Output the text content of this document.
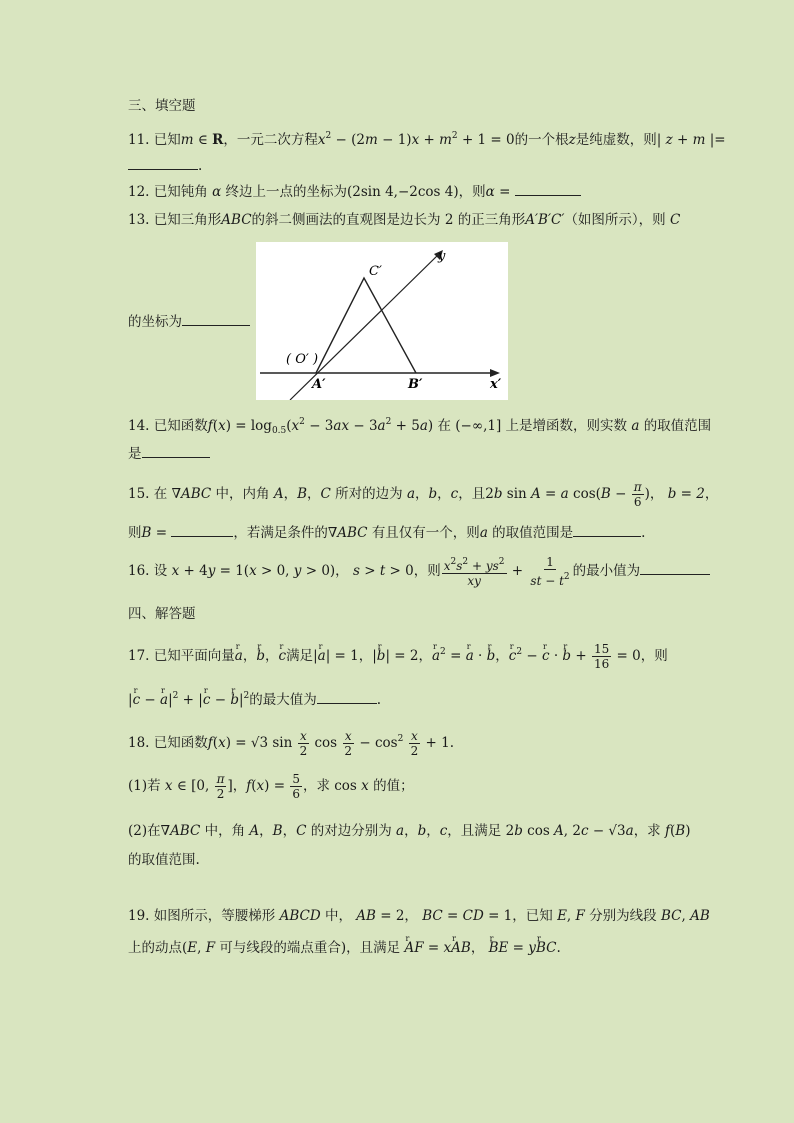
三、填空题
11. 已知m ∈ R，一元二次方程$x^2 - (2m - 1)x + m^2 + 1 = 0$的一个根z是纯虚数，则| z + m |=
.
12. 已知钝角 α 终边上一点的坐标为(2sin 4,−2cos 4)，则α =
13. 已知三角形ABC的斜二侧画法的直观图是边长为 2 的正三角形A′B′C′（如图所示），则 C
C′
( O′ )
A′	B′	x′
y
的坐标为
14. 已知函数$f(x) = \log_{0.5}(x^2 - 3ax - 3a^2 + 5a)$ 在 (−∞,1] 上是增函数，则实数 a 的取值范围
是
15. 在 ∇ABC 中，内角 A，B，C 所对的边为 a，b，c，且2b sin A = a $\cos(B - \frac{\pi}{6}$ )， b = 2，
则B =	，若满足条件的∇ABC 有且仅有一个，则a 的取值范围是	.
16. 设 x + 4y = 1(x > 0, y > 0)， s > t > 0，则 $\frac{x^2s^2 + ys^2}{xy} + \frac{1}{st - t^2}$ 的最小值为
四、解答题
17. 已知平面向量r a，r b，r c满足|r a| = 1，|r b| = 2，r $a^2 = r$ a · r b，r $c^2 - r$ c · r $b + \frac{15}{16} = 0$，则
|r c − r $a|^2 + |r$ c − r $b|^2$的最大值为	.
18. 已知函数f(x) = √3 $\sin \frac{x}{2}$ $\cos \frac{x}{2} - \cos^2 \frac{x}{2} + 1$.
(1)若 x ∈ [0, $\frac{\pi}{2}$ ]，$f(x) = \frac{5}{6}$ ，求 cos x 的值；
(2)在∇ABC 中，角 A，B，C 的对边分别为 a，b，c，且满足 2b cos A, 2c − √3a，求 f(B)
的取值范围.
19. 如图所示，等腰梯形 ABCD 中， AB = 2， BC = CD = 1，已知 E, F 分别为线段 BC, AB
上的动点(E, F 可与线段的端点重合)，且满足 r AF = xr AB， r BE = yr BC.
